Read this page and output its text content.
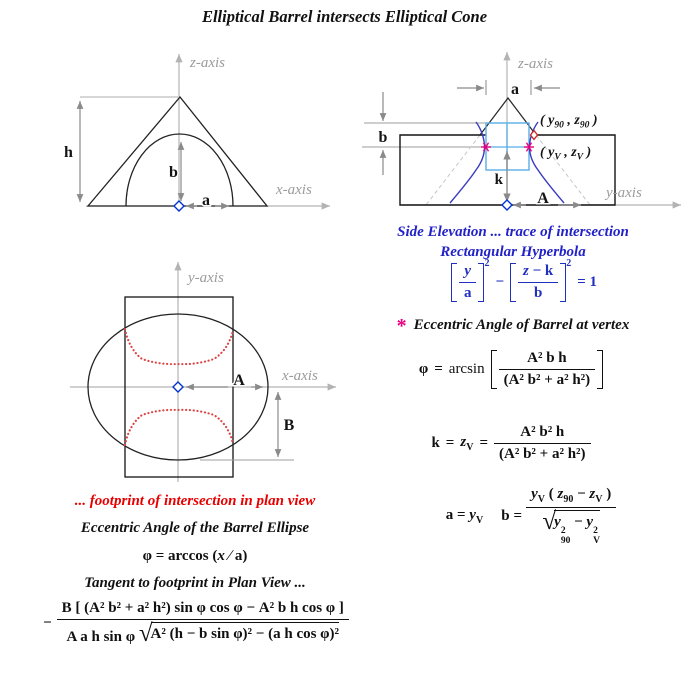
Elliptical Barrel intersects Elliptical Cone
z-axis
x-axis
h
b
a
z-axis
y-axis
a
b
k
A
( $y_{90}$ , $z_{90}$ )
( $y_V$ , $z_V$ )
y-axis
x-axis
A
B
Side Elevation ... trace of intersection
Rectangular Hyperbola
$\frac{y}{a} 2$
− $\frac{z - k}{b} 2$
= 1
* Eccentric Angle of Barrel at vertex
$\varphi = \arcsin \frac{\text{A² b h}}{\text{(A² b² + a² h²)}}$
$k = z_V = \frac{\text{A² b² h}}{\text{(A² b² + a² h²)}}$
$a = y_V$ $b = y_V$ ( $z_{90} - z_V$ )
√
y
2
90
− y
2
V
... footprint of intersection in plan view
Eccentric Angle of the Barrel Ellipse
φ = arccos (x ∕ a)
Tangent to footprint in Plan View ...
− B [ (A² b² + a² h²) sin φ cos φ − A² b h cos φ ]
A a h sin φ √
A² (h − b sin φ)² − (a h cos φ)²
